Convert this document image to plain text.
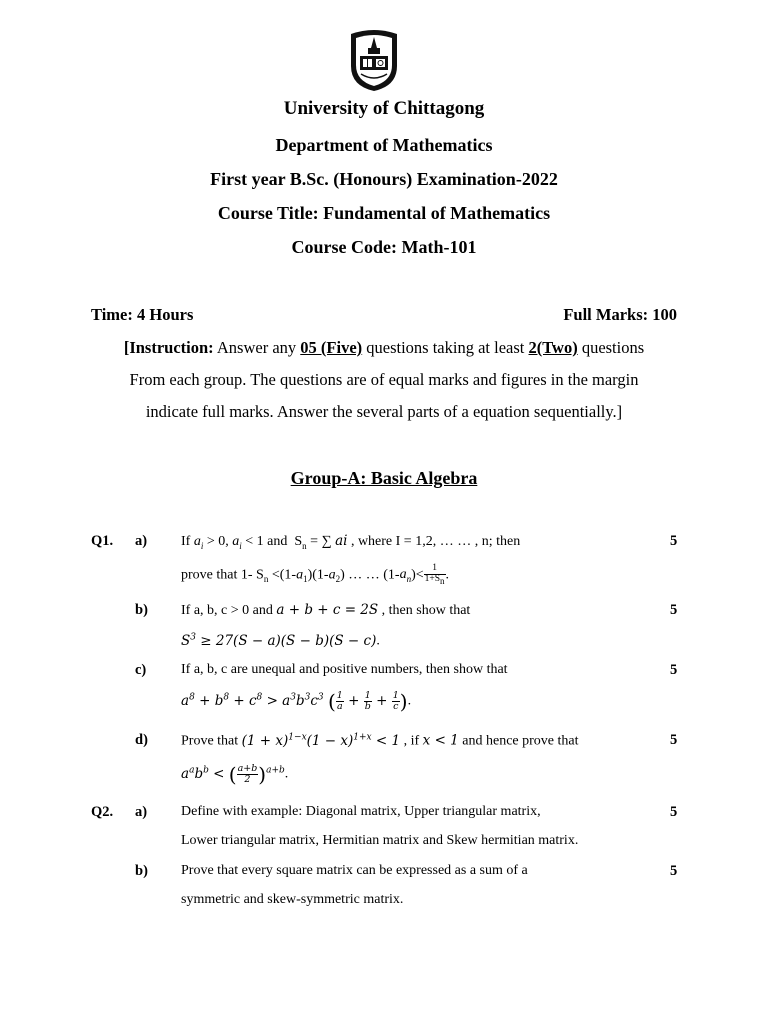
University of Chittagong
Department of Mathematics
First year B.Sc. (Honours) Examination-2022
Course Title: Fundamental of Mathematics
Course Code: Math-101
Time: 4 Hours	Full Marks: 100
[Instruction: Answer any 05 (Five) questions taking at least 2(Two) questions
From each group. The questions are of equal marks and figures in the margin
indicate full marks. Answer the several parts of a equation sequentially.]
Group-A: Basic Algebra
Q1. a) If $a_i > 0$, $a_i < 1$ and  $S_n$ = ∑ ai , where I = 1,2, … … , n; then
prove that 1- $S_n <(1-a_1)(1-a_2)$ … … $(1-a_n)< \frac{1}{1+S_n}$ .
5
b) If a, b, c > 0 and a + b + c = 2S , then show that
$S^3 \ge 27(S - a)(S - b)(S - c)$.
5
c) If a, b, c are unequal and positive numbers, then show that
$a^8 + b^8 + c^8 > a^3b^3c^3$ ( $\frac{1}{a} + \frac{1}{b} + \frac{1}{c}$ ).
5
d) Prove that $(1 + x)^{1-x}(1 - x)^{1+x} < 1$ , if x < 1 and hence prove that
$a^ab^b$ < ( $\frac{a+b}{2} )^{a+b}$.
5
Q2. a) Define with example: Diagonal matrix, Upper triangular matrix,
Lower triangular matrix, Hermitian matrix and Skew hermitian matrix.
5
b) Prove that every square matrix can be expressed as a sum of a
symmetric and skew-symmetric matrix.
5
